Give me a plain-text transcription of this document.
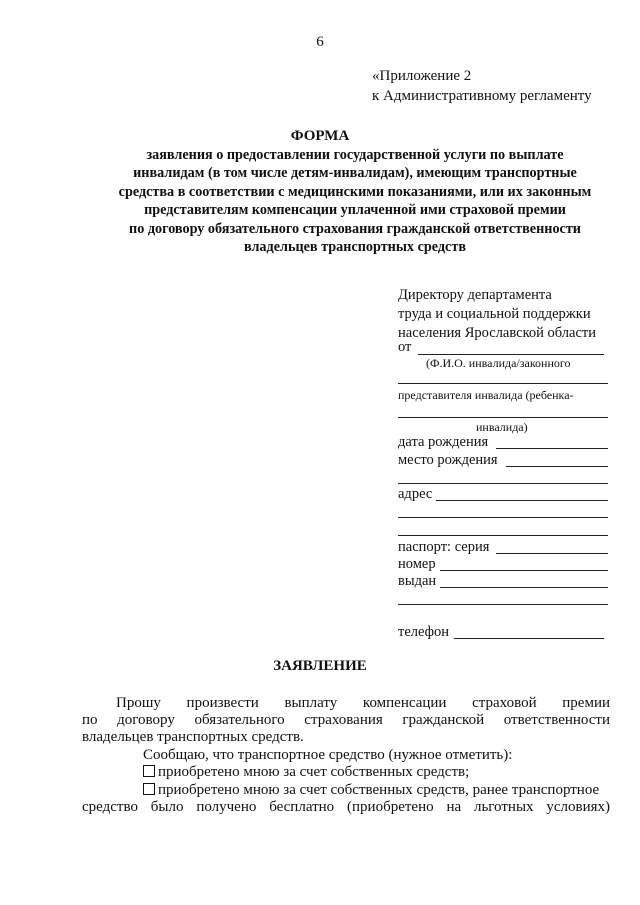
6
«Приложение 2
к Административному регламенту
ФОРМА
заявления о предоставлении государственной услуги по выплате
инвалидам (в том числе детям-инвалидам), имеющим транспортные
средства в соответствии с медицинскими показаниями, или их законным
представителям компенсации уплаченной ими страховой премии
по договору обязательного страхования гражданской ответственности
владельцев транспортных средств
Директору департамента
труда и социальной поддержки
населения Ярославской области
от
(Ф.И.О. инвалида/законного
представителя инвалида (ребенка-
инвалида)
дата рождения
место рождения
адрес
паспорт: серия
номер
выдан
телефон
ЗАЯВЛЕНИЕ
Прошу произвести выплату компенсации страховой премии
по договору обязательного страхования гражданской ответственности
владельцев транспортных средств.
Сообщаю, что транспортное средство (нужное отметить):
приобретено мною за счет собственных средств;
приобретено мною за счет собственных средств, ранее транспортное
средство было получено бесплатно (приобретено на льготных условиях)
